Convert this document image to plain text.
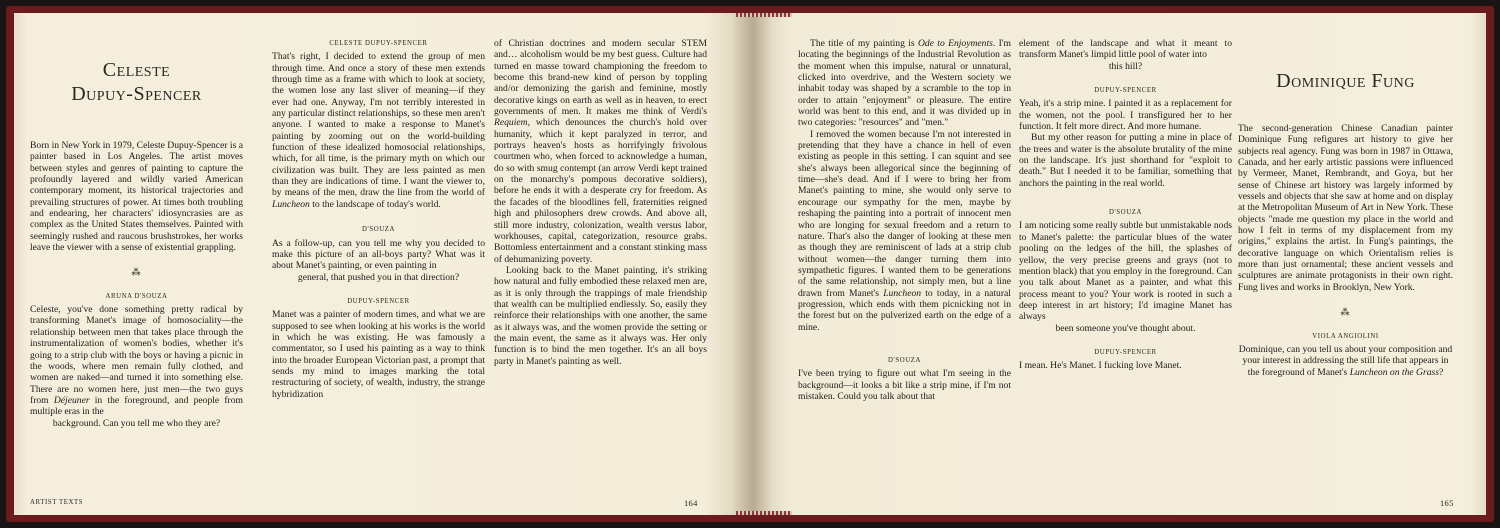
Celeste
Dupuy-Spencer

Born in New York in 1979, Celeste Dupuy-Spencer is a painter based in Los Angeles. The artist moves between styles and genres of painting to capture the profoundly layered and wildly varied American contemporary moment, its historical trajectories and prevailing structures of power. At times both troubling and endearing, her characters' idiosyncrasies are as complex as the United States themselves. Painted with seemingly rushed and raucous brushstrokes, her works leave the viewer with a sense of existential grappling.

⁂
ARUNA D'SOUZA

Celeste, you've done something pretty radical by transforming Manet's image of homosociality—the relationship between men that takes place through the instrumentalization of women's bodies, whether it's going to a strip club with the boys or having a picnic in the woods, where men remain fully clothed, and women are naked—and turned it into something else. There are no women here, just men—the two guys from Déjeuner in the foreground, and people from multiple eras in the

background. Can you tell me who they are?

CELESTE DUPUY-SPENCER

That's right, I decided to extend the group of men through time. And once a story of these men extends through time as a frame with which to look at society, the women lose any last sliver of meaning—if they ever had one. Anyway, I'm not terribly interested in any particular distinct relationships, so these men aren't anyone. I wanted to make a response to Manet's painting by zooming out on the world-building function of these idealized homosocial relationships, which, for all time, is the primary myth on which our civilization was built. They are less painted as men than they are indications of time. I want the viewer to, by means of the men, draw the line from the world of Luncheon to the landscape of today's world.

D'SOUZA

As a follow-up, can you tell me why you decided to make this picture of an all-boys party? What was it about Manet's painting, or even painting in

general, that pushed you in that direction?

DUPUY-SPENCER

Manet was a painter of modern times, and what we are supposed to see when looking at his works is the world in which he was existing. He was famously a commentator, so I used his painting as a way to think into the broader European Victorian past, a prompt that sends my mind to images marking the total restructuring of society, of wealth, industry, the strange hybridization

of Christian doctrines and modern secular STEM and… alcoholism would be my best guess. Culture had turned en masse toward championing the freedom to become this brand-new kind of person by toppling and/or demonizing the garish and feminine, mostly decorative kings on earth as well as in heaven, to erect governments of men. It makes me think of Verdi's Requiem, which denounces the church's hold over humanity, which it kept paralyzed in terror, and portrays heaven's hosts as horrifyingly frivolous courtmen who, when forced to acknowledge a human, do so with smug contempt (an arrow Verdi kept trained on the monarchy's pompous decorative soldiers), before he ends it with a desperate cry for freedom. As the facades of the bloodlines fell, fraternities reigned high and philosophers drew crowds. And above all, still more industry, colonization, wealth versus labor, workhouses, capital, categorization, resource grabs. Bottomless entertainment and a constant stinking mass of dehumanizing poverty.

Looking back to the Manet painting, it's striking how natural and fully embodied these relaxed men are, as it is only through the trappings of male friendship that wealth can be multiplied endlessly. So, easily they reinforce their relationships with one another, the same as it always was, and the women provide the setting or the main event, the same as it always was. Her only function is to bind the men together. It's an all boys party in Manet's painting as well.

ARTIST TEXTS	164

The title of my painting is Ode to Enjoyments. I'm locating the beginnings of the Industrial Revolution as the moment when this impulse, natural or unnatural, clicked into overdrive, and the Western society we inhabit today was shaped by a scramble to the top in order to attain "enjoyment" or pleasure. The entire world was bent to this end, and it was divided up in two categories: "resources" and "men."

I removed the women because I'm not interested in pretending that they have a chance in hell of even existing as people in this setting. I can squint and see she's always been allegorical since the beginning of time—she's dead. And if I were to bring her from Manet's painting to mine, she would only serve to encourage our sympathy for the men, maybe by reshaping the painting into a portrait of innocent men who are longing for sexual freedom and a return to nature. That's also the danger of looking at these men as though they are reminiscent of lads at a strip club without women—the danger turning them into sympathetic figures. I wanted them to be generations of the same relationship, not simply men, but a line drawn from Manet's Luncheon to today, in a natural progression, which ends with them picnicking not in the forest but on the pulverized earth on the edge of a mine.

D'SOUZA

I've been trying to figure out what I'm seeing in the background—it looks a bit like a strip mine, if I'm not mistaken. Could you talk about that

element of the landscape and what it meant to transform Manet's limpid little pool of water into

this hill?

DUPUY-SPENCER

Yeah, it's a strip mine. I painted it as a replacement for the women, not the pool. I transfigured her to her function. It felt more direct. And more humane.

But my other reason for putting a mine in place of the trees and water is the absolute brutality of the mine on the landscape. It's just shorthand for "exploit to death." But I needed it to be familiar, something that anchors the painting in the real world.

D'SOUZA

I am noticing some really subtle but unmistakable nods to Manet's palette: the particular blues of the water pooling on the ledges of the hill, the splashes of yellow, the very precise greens and grays (not to mention black) that you employ in the foreground. Can you talk about Manet as a painter, and what this process meant to you? Your work is rooted in such a deep interest in art history; I'd imagine Manet has always

been someone you've thought about.

DUPUY-SPENCER

I mean. He's Manet. I fucking love Manet.

Dominique Fung

The second-generation Chinese Canadian painter Dominique Fung refigures art history to give her subjects real agency. Fung was born in 1987 in Ottawa, Canada, and her early artistic passions were influenced by Vermeer, Manet, Rembrandt, and Goya, but her sense of Chinese art history was largely informed by vessels and objects that she saw at home and on display at the Metropolitan Museum of Art in New York. These objects "made me question my place in the world and how I felt in terms of my displacement from my origins," explains the artist. In Fung's paintings, the decorative language on which Orientalism relies is more than just ornamental; these ancient vessels and sculptures are animate protagonists in their own right. Fung lives and works in Brooklyn, New York.

⁂
VIOLA ANGIOLINI

Dominique, can you tell us about your composition and your interest in addressing the still life that appears in the foreground of Manet's Luncheon on the Grass?

165
